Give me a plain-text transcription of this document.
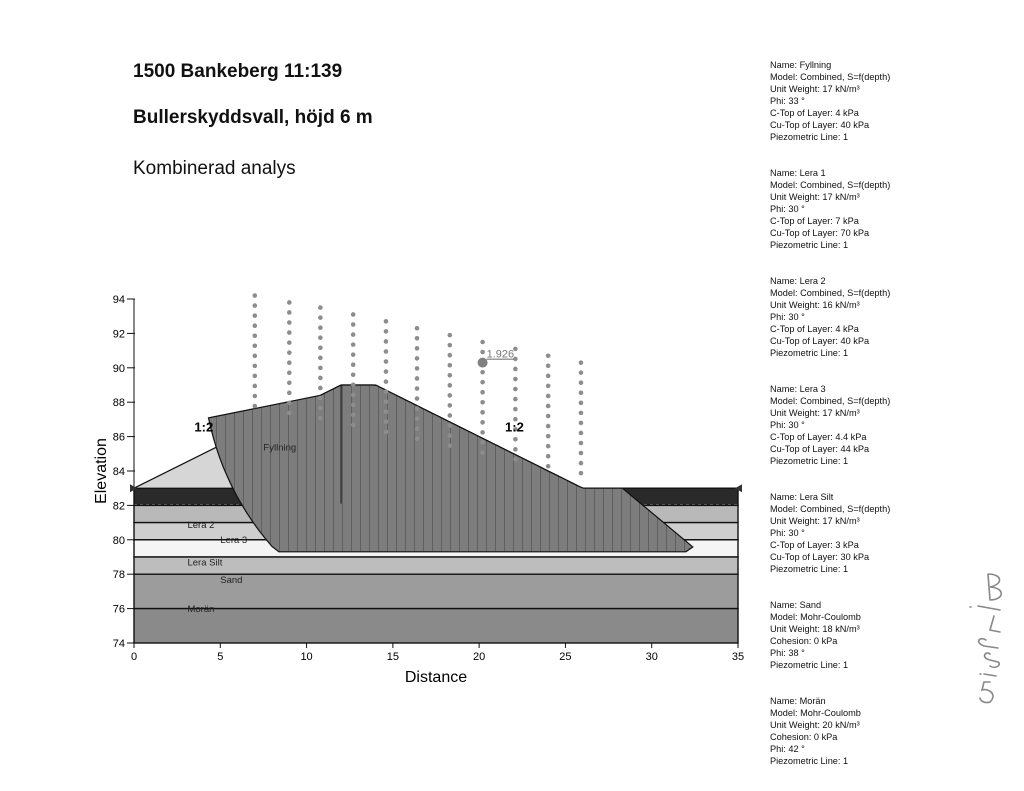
1500 Bankeberg 11:139
Bullerskyddsvall, höjd 6 m
Kombinerad analys
1.926
74
76
78
80
82
84
86
88
90
92
94
0	5	10	15	20	25	30	35
Distance
Elevation	Fyllning
Lera 2
Lera 3
Lera Silt
Sand
Morän
1:2	1:2
Name: Fyllning
Model: Combined, S=f(depth)
Unit Weight: 17 kN/m³
Phi: 33 °
C-Top of Layer: 4 kPa
Cu-Top of Layer: 40 kPa
Piezometric Line: 1
Name: Lera 1
Model: Combined, S=f(depth)
Unit Weight: 17 kN/m³
Phi: 30 °
C-Top of Layer: 7 kPa
Cu-Top of Layer: 70 kPa
Piezometric Line: 1
Name: Lera 2
Model: Combined, S=f(depth)
Unit Weight: 16 kN/m³
Phi: 30 °
C-Top of Layer: 4 kPa
Cu-Top of Layer: 40 kPa
Piezometric Line: 1
Name: Lera 3
Model: Combined, S=f(depth)
Unit Weight: 17 kN/m³
Phi: 30 °
C-Top of Layer: 4.4 kPa
Cu-Top of Layer: 44 kPa
Piezometric Line: 1
Name: Lera Silt
Model: Combined, S=f(depth)
Unit Weight: 17 kN/m³
Phi: 30 °
C-Top of Layer: 3 kPa
Cu-Top of Layer: 30 kPa
Piezometric Line: 1
Name: Sand
Model: Mohr-Coulomb
Unit Weight: 18 kN/m³
Cohesion: 0 kPa
Phi: 38 °
Piezometric Line: 1
Name: Morän
Model: Mohr-Coulomb
Unit Weight: 20 kN/m³
Cohesion: 0 kPa
Phi: 42 °
Piezometric Line: 1
